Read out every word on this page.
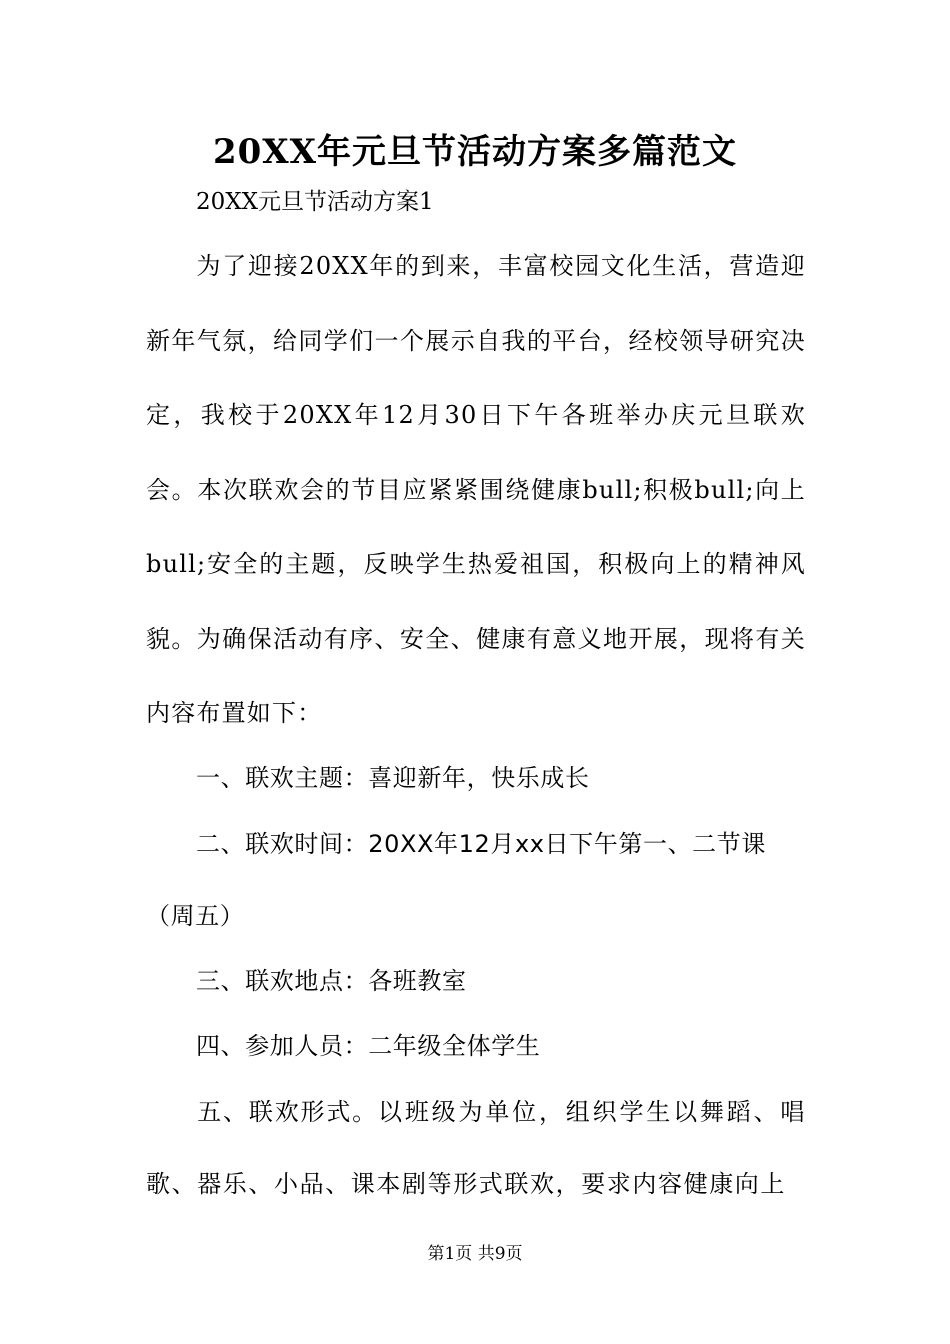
20XX年元旦节活动方案多篇范文
20XX元旦节活动方案1
为了迎接20XX年的到来，丰富校园文化生活，营造迎新年气氛，给同学们一个展示自我的平台，经校领导研究决定，我校于20XX年12月30日下午各班举办庆元旦联欢会。本次联欢会的节目应紧紧围绕健康bull;积极bull;向上bull;安全的主题，反映学生热爱祖国，积极向上的精神风貌。为确保活动有序、安全、健康有意义地开展，现将有关内容布置如下：
一、联欢主题：喜迎新年，快乐成长
二、联欢时间：20XX年12月xx日下午第一、二节课（周五）
三、联欢地点：各班教室
四、参加人员：二年级全体学生
五、联欢形式。以班级为单位，组织学生以舞蹈、唱歌、器乐、小品、课本剧等形式联欢，要求内容健康向上
第1页 共9页
